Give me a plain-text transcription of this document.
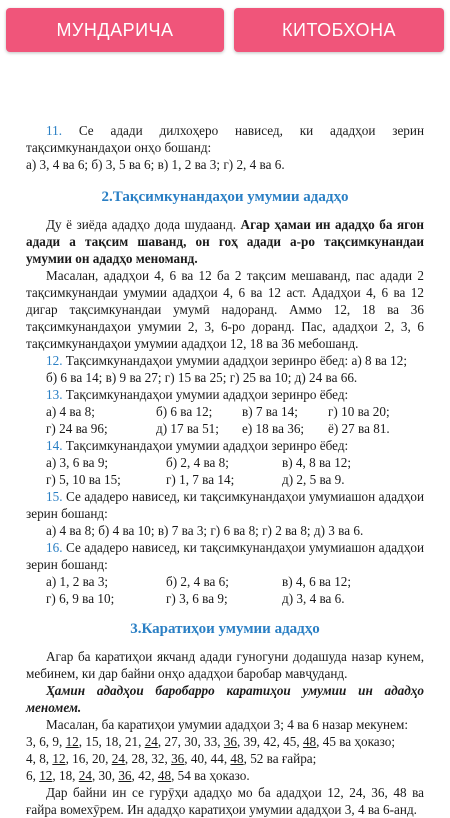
МУНДАРИЧА	КИТОБХОНА

11. Се адади дилхоҳеро нависед, ки ададҳои зерин тақсимкунандаҳои онҳо бошанд:

а) 3, 4 ва 6; б) 3, 5 ва 6; в) 1, 2 ва 3; г) 2, 4 ва 6.

2.Тақсимкунандаҳои умумии ададҳо

Ду ё зиёда ададҳо дода шудаанд. Агар ҳамаи ин ададҳо ба ягон адади а тақсим шаванд, он гоҳ адади а-ро тақсимкунандаи умумии он ададҳо меноманд.

Масалан, ададҳои 4, 6 ва 12 ба 2 тақсим мешаванд, пас адади 2 тақсимкунандаи умумии ададҳои 4, 6 ва 12 аст. Ададҳои 4, 6 ва 12 дигар тақсимкунандаи умумӣ надоранд. Аммо 12, 18 ва 36 тақсимкунандаҳои умумии 2, 3, 6-ро доранд. Пас, ададҳои 2, 3, 6 тақсимкунандаҳои умумии ададҳои 12, 18 ва 36 мебошанд.

12. Тақсимкунандаҳои умумии ададҳои зеринро ёбед: а) 8 ва 12;

б) 6 ва 14; в) 9 ва 27; г) 15 ва 25; г) 25 ва 10; д) 24 ва 66.

13. Тақсимкунандаҳои умумии ададҳои зеринро ёбед:

а) 4 ва 8;	б) 6 ва 12;	в) 7 ва 14;	г) 10 ва 20;
г) 24 ва 96;	д) 17 ва 51;	е) 18 ва 36;	ё) 27 ва 81.

14. Тақсимкунандаҳои умумии ададҳои зеринро ёбед:

а) 3, 6 ва 9;	б) 2, 4 ва 8;	в) 4, 8 ва 12;
г) 5, 10 ва 15;	г) 1, 7 ва 14;	д) 2, 5 ва 9.

15. Се ададеро нависед, ки тақсимкунандаҳои умумиашон ададҳои зерин бошанд:

а) 4 ва 8; б) 4 ва 10; в) 7 ва 3; г) 6 ва 8; г) 2 ва 8; д) 3 ва 6.

16. Се ададеро нависед, ки тақсимкунандаҳои умумиашон ададҳои зерин бошанд:

а) 1, 2 ва 3;	б) 2, 4 ва 6;	в) 4, 6 ва 12;
г) 6, 9 ва 10;	г) 3, 6 ва 9;	д) 3, 4 ва 6.

3.Каратиҳои умумии ададҳо

Агар ба каратиҳои якчанд адади гуногуни додашуда назар кунем, мебинем, ки дар байни онҳо ададҳои баробар мавҷуданд.

Ҳамин ададҳои баробарро каратиҳои умумии ин ададҳо меномем.

Масалан, ба каратиҳои умумии ададҳои 3; 4 ва 6 назар мекунем:

3, 6, 9, 12, 15, 18, 21, 24, 27, 30, 33, 36, 39, 42, 45, 48, 45 ва ҳоказо;

4, 8, 12, 16, 20, 24, 28, 32, 36, 40, 44, 48, 52 ва ғайра;

6, 12, 18, 24, 30, 36, 42, 48, 54 ва ҳоказо.

Дар байни ин се гурӯҳи ададҳо мо ба ададҳои 12, 24, 36, 48 ва ғайра вомехӯрем. Ин ададҳо каратиҳои умумии ададҳои 3, 4 ва 6-анд.
